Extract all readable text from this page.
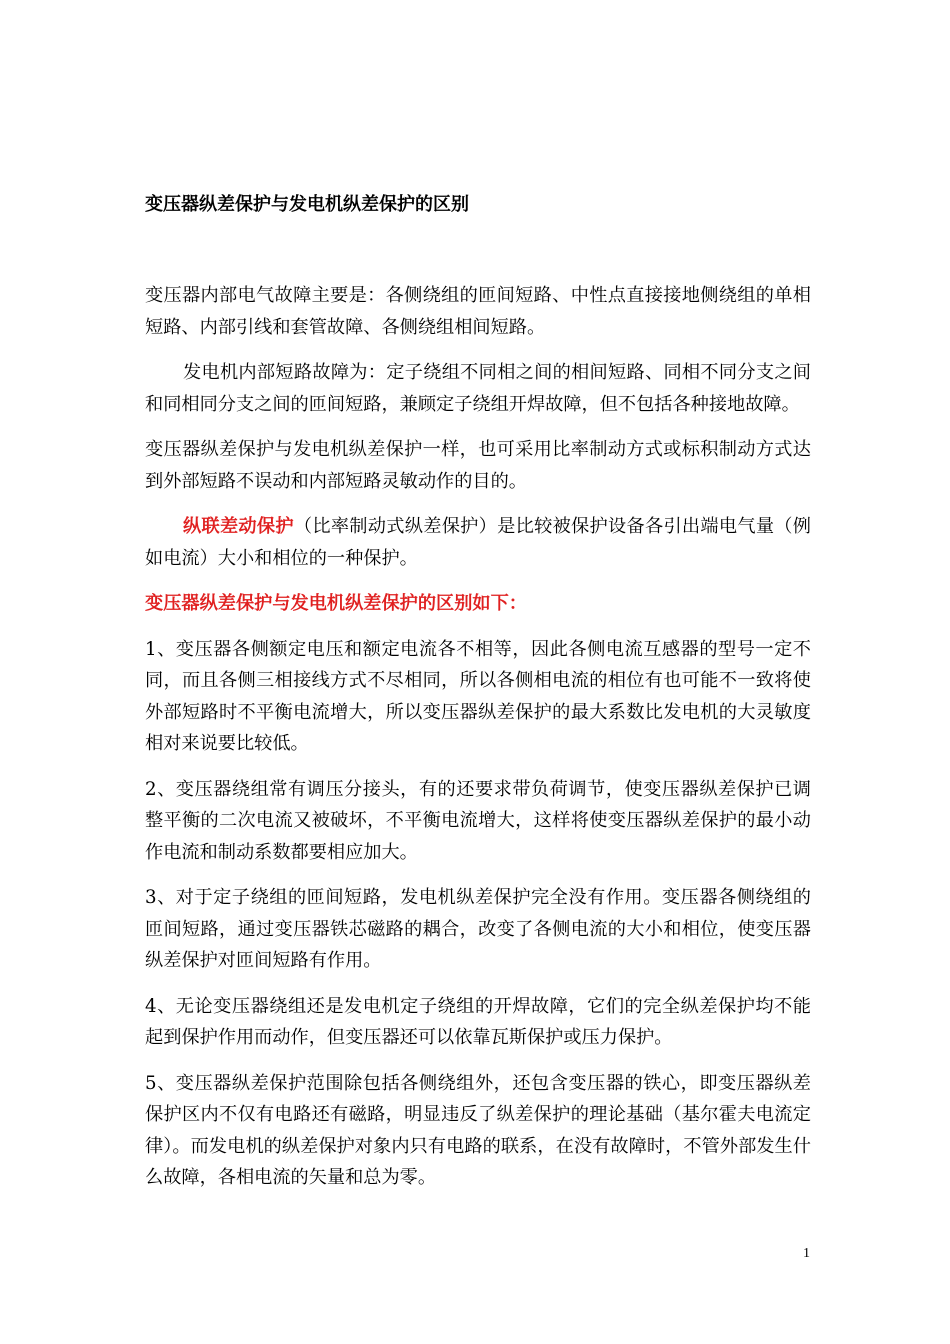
变压器纵差保护与发电机纵差保护的区别

变压器内部电气故障主要是：各侧绕组的匝间短路、中性点直接接地侧绕组的单相短路、内部引线和套管故障、各侧绕组相间短路。

发电机内部短路故障为：定子绕组不同相之间的相间短路、同相不同分支之间和同相同分支之间的匝间短路，兼顾定子绕组开焊故障，但不包括各种接地故障。

变压器纵差保护与发电机纵差保护一样，也可采用比率制动方式或标积制动方式达到外部短路不误动和内部短路灵敏动作的目的。

纵联差动保护（比率制动式纵差保护）是比较被保护设备各引出端电气量（例如电流）大小和相位的一种保护。

变压器纵差保护与发电机纵差保护的区别如下：

1、变压器各侧额定电压和额定电流各不相等，因此各侧电流互感器的型号一定不同，而且各侧三相接线方式不尽相同，所以各侧相电流的相位有也可能不一致将使外部短路时不平衡电流增大，所以变压器纵差保护的最大系数比发电机的大灵敏度相对来说要比较低。

2、变压器绕组常有调压分接头，有的还要求带负荷调节，使变压器纵差保护已调整平衡的二次电流又被破坏，不平衡电流增大，这样将使变压器纵差保护的最小动作电流和制动系数都要相应加大。

3、对于定子绕组的匝间短路，发电机纵差保护完全没有作用。变压器各侧绕组的匝间短路，通过变压器铁芯磁路的耦合，改变了各侧电流的大小和相位，使变压器纵差保护对匝间短路有作用。

4、无论变压器绕组还是发电机定子绕组的开焊故障，它们的完全纵差保护均不能起到保护作用而动作，但变压器还可以依靠瓦斯保护或压力保护。

5、变压器纵差保护范围除包括各侧绕组外，还包含变压器的铁心，即变压器纵差保护区内不仅有电路还有磁路，明显违反了纵差保护的理论基础（基尔霍夫电流定律）。而发电机的纵差保护对象内只有电路的联系，在没有故障时，不管外部发生什么故障，各相电流的矢量和总为零。

1
